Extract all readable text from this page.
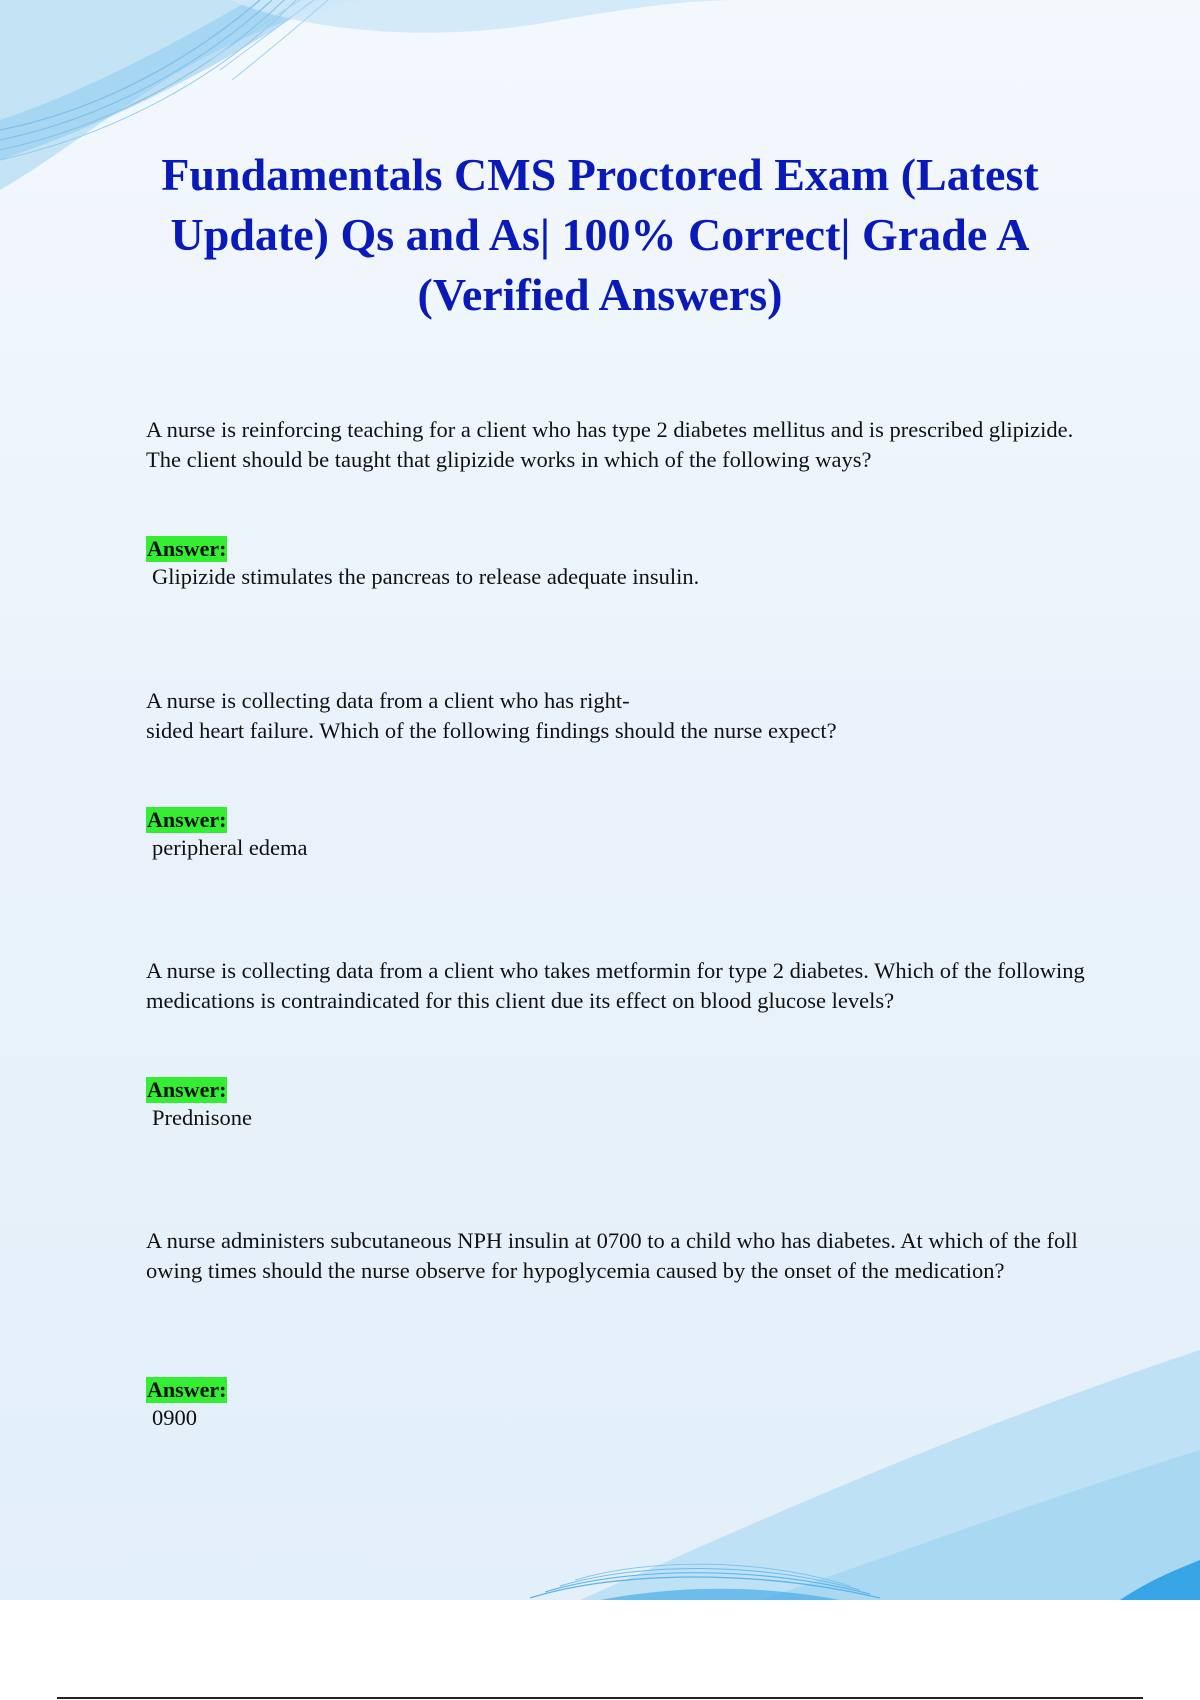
Fundamentals CMS Proctored Exam (Latest Update) Qs and As| 100% Correct| Grade A (Verified Answers)

A nurse is reinforcing teaching for a client who has type 2 diabetes mellitus and is prescribed glipizide. The client should be taught that glipizide works in which of the following ways?

Answer:

Glipizide stimulates the pancreas to release adequate insulin.

A nurse is collecting data from a client who has right-
sided heart failure. Which of the following findings should the nurse expect?

Answer:

peripheral edema

A nurse is collecting data from a client who takes metformin for type 2 diabetes. Which of the following medications is contraindicated for this client due its effect on blood glucose levels?

Answer:

Prednisone

A nurse administers subcutaneous NPH insulin at 0700 to a child who has diabetes. At which of the following times should the nurse observe for hypoglycemia caused by the onset of the medication?

Answer:

0900
